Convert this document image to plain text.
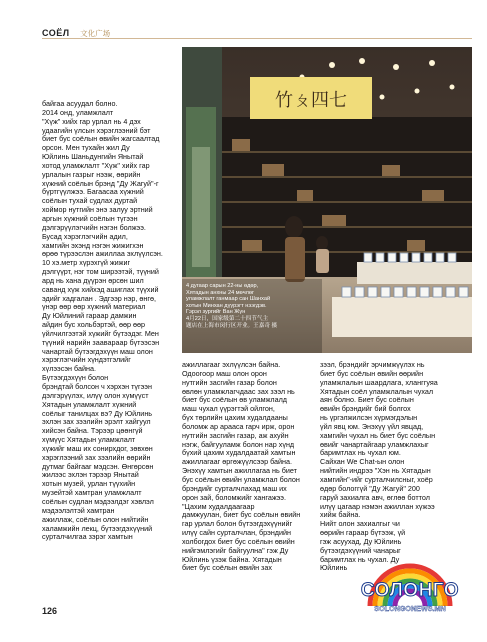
СОЁЛ 文化广场
竹ㄆ四七
4 дугаар сарын 22-ны өдөр,
Хятадын анхны 24 мөчлөг
уламжлалт ганмаар сан Шанхай
хотын Минхан дүүрэгт нээгдэв.
Гэрэл зургийг Ван Жүн
4月22日，国家级第二十四节气主
题店在上海市闵行区开业。王嘉奇 摄
байгаа асуудал болно.
2014 онд, уламжлалт
"Хүж" хийх гар урлал нь 4 дэх
удаагийн үлсын хэрэглээний бэт
биет бус соёлын өвийн жагсаалтад
орсон. Мен тухайн жил Ду
Юйлинь Шаньдунгийн Янытай
хотод уламжлалт "Хүж" хийх гар
урлалын газрыг нээж, өөрийн
хүжний соёлын брэнд "Ду Жагуй"-г
бүртгүүлжээ. Багаасаа хүжний
соёлын тухай судлах дуртай
хоймор нутгийн энэ залуу эртний
аргын хүжний соёлын түгээн
дэлгэрүүлэгчийн нэгэн болжээ.
Бусад хэрэглэгчийн адил,
хамгийн эхэнд нэгэн жижигхэн
өрөө түрээслэн ажиллаа эхлүүлсэн.
10 хэ.метр хүрэхгүй жижиг
дэлгүүрт, нэг том ширээтэй, түүний
ард нь хана дүүрэн өрсөн шил
саванд хүж хийхэд ашиглах түүхий
эдийг хадгалан . Эдгээр нэр, өнгө,
үнэр өөр өөр хүжний материал
Ду Юйлиний гараар дамжин
айдин бус хольбэртэй, өөр өөр
үйлчилгээтэй хүжийг бүтээдэг. Мен
түүний нарийн заавараар бүтээсэн
чанартай бүтээгдэхүүн маш олон
хэрэглэгчийн хүндэтгэлийг
хүлээсэн байна.
Бүтээгдэхүүн болон
брэндтай болсон ч хэрхэн түгээн
дэлгэрүүлэх, илүү олон хүмүүст
Хятадын уламжлалт хүжний
соёлыг танилцах вэ? Ду Юйлинь
эхлэн зах зээлийн эрэлт хайгуул
хийсэн байна. Тэрээр цөөнгүй
хүмүүс Хятадын уламжлалт
хүжийг маш их сонирхдог, зөвхөн
хэрэглээний зах зээлийн өөрийн
дутмаг байгааг мэдсэн. Өнгөрсөн
жилээс эхлэн тэрээр Янытай
хотын музей, урлан түүхийн
музейтэй хамтран уламжлалт
соёлын судлан мэдээлдэг хэвлэл
мэдээлэлтэй хамтран
ажиллаж, соёлын олон нийтийн
халамжийн лекц, бүтээгдэхүүний
сурталчилгаа зэрэг хамтын
ажиллагааг эхлүүлсэн байна.
Одоогоор маш олон орон
нутгийн засгийн газар болон
өвлөн уламжлагчдаас зах зээл нь
биет бус соёлын өв уламжлалд
маш чухал үүрэгтэй ойлгон,
бүх төрлийн цахим худалдааны
боломж ар арааса гарч ирж, орон
нутгийн засгийн газар, аж ахуйн
нэгж, байгууламж болон нар хүнд
бүхий цахим худалдаатай хамтын
ажиллагааг өргөжүүлсээр байна.
Энэхүү хамтын ажиллагаа нь биет
бус соёлын өвийн уламжлал болон
брэндийг сурталчлахад маш их
орон зай, боломжийг хангажээ.
"Цахим худалдаагаар
дамжуулан, биет бус соёлын өвийн
гар урлал болон бүтээгдэхүүнийг
илүү сайн сурталчлан, брэндийн
холбогдох биет бус соёлын өвийн
нийгэмлэгийг байгуулна" гэж Ду
Юйлинь үзэж байна. Хятадын
биет бус соёлын өвийн зах
зээл, брэндийг эрчимжүүлэх нь
биет бус соёлын өвийн өөрийн
уламжлалын шаардлага, хланггуяа
Хятадын соёл уламжлалын чухал
аян болно. Биет бус соёлын
өвийн брэндийг бий болгох
нь үргэлжилсэн хүрмэгдэлын
үйл явц юм. Энэхүү үйл явцад,
хамгийн чухал нь биет бус соёлын
өвийг чанартайгаар уламжлахыг
баримтлах нь чухал юм.
Сайхан We Chat-ын олон
нийтийн индрээ "Хэн нь Хятадын
хамгийн"-ийг сурталчилсныг, хоёр
өдөр бологгүй "Ду Жагуй" 200
гаруй захиалга авч, өглөө боттол
илүү цагаар нэмэн ажиллан хүжээ
хийж байна.
Нийт олон захиалгыг чи
өөрийн гараар бүтээж, үй
гэж асуухад, Ду Юйлинь
бүтээгдэхүүний чанарыг
баримтлах нь чухал. Ду
Юйлинь
126
СОЛОНГО
SOLONGONEWS.MN
